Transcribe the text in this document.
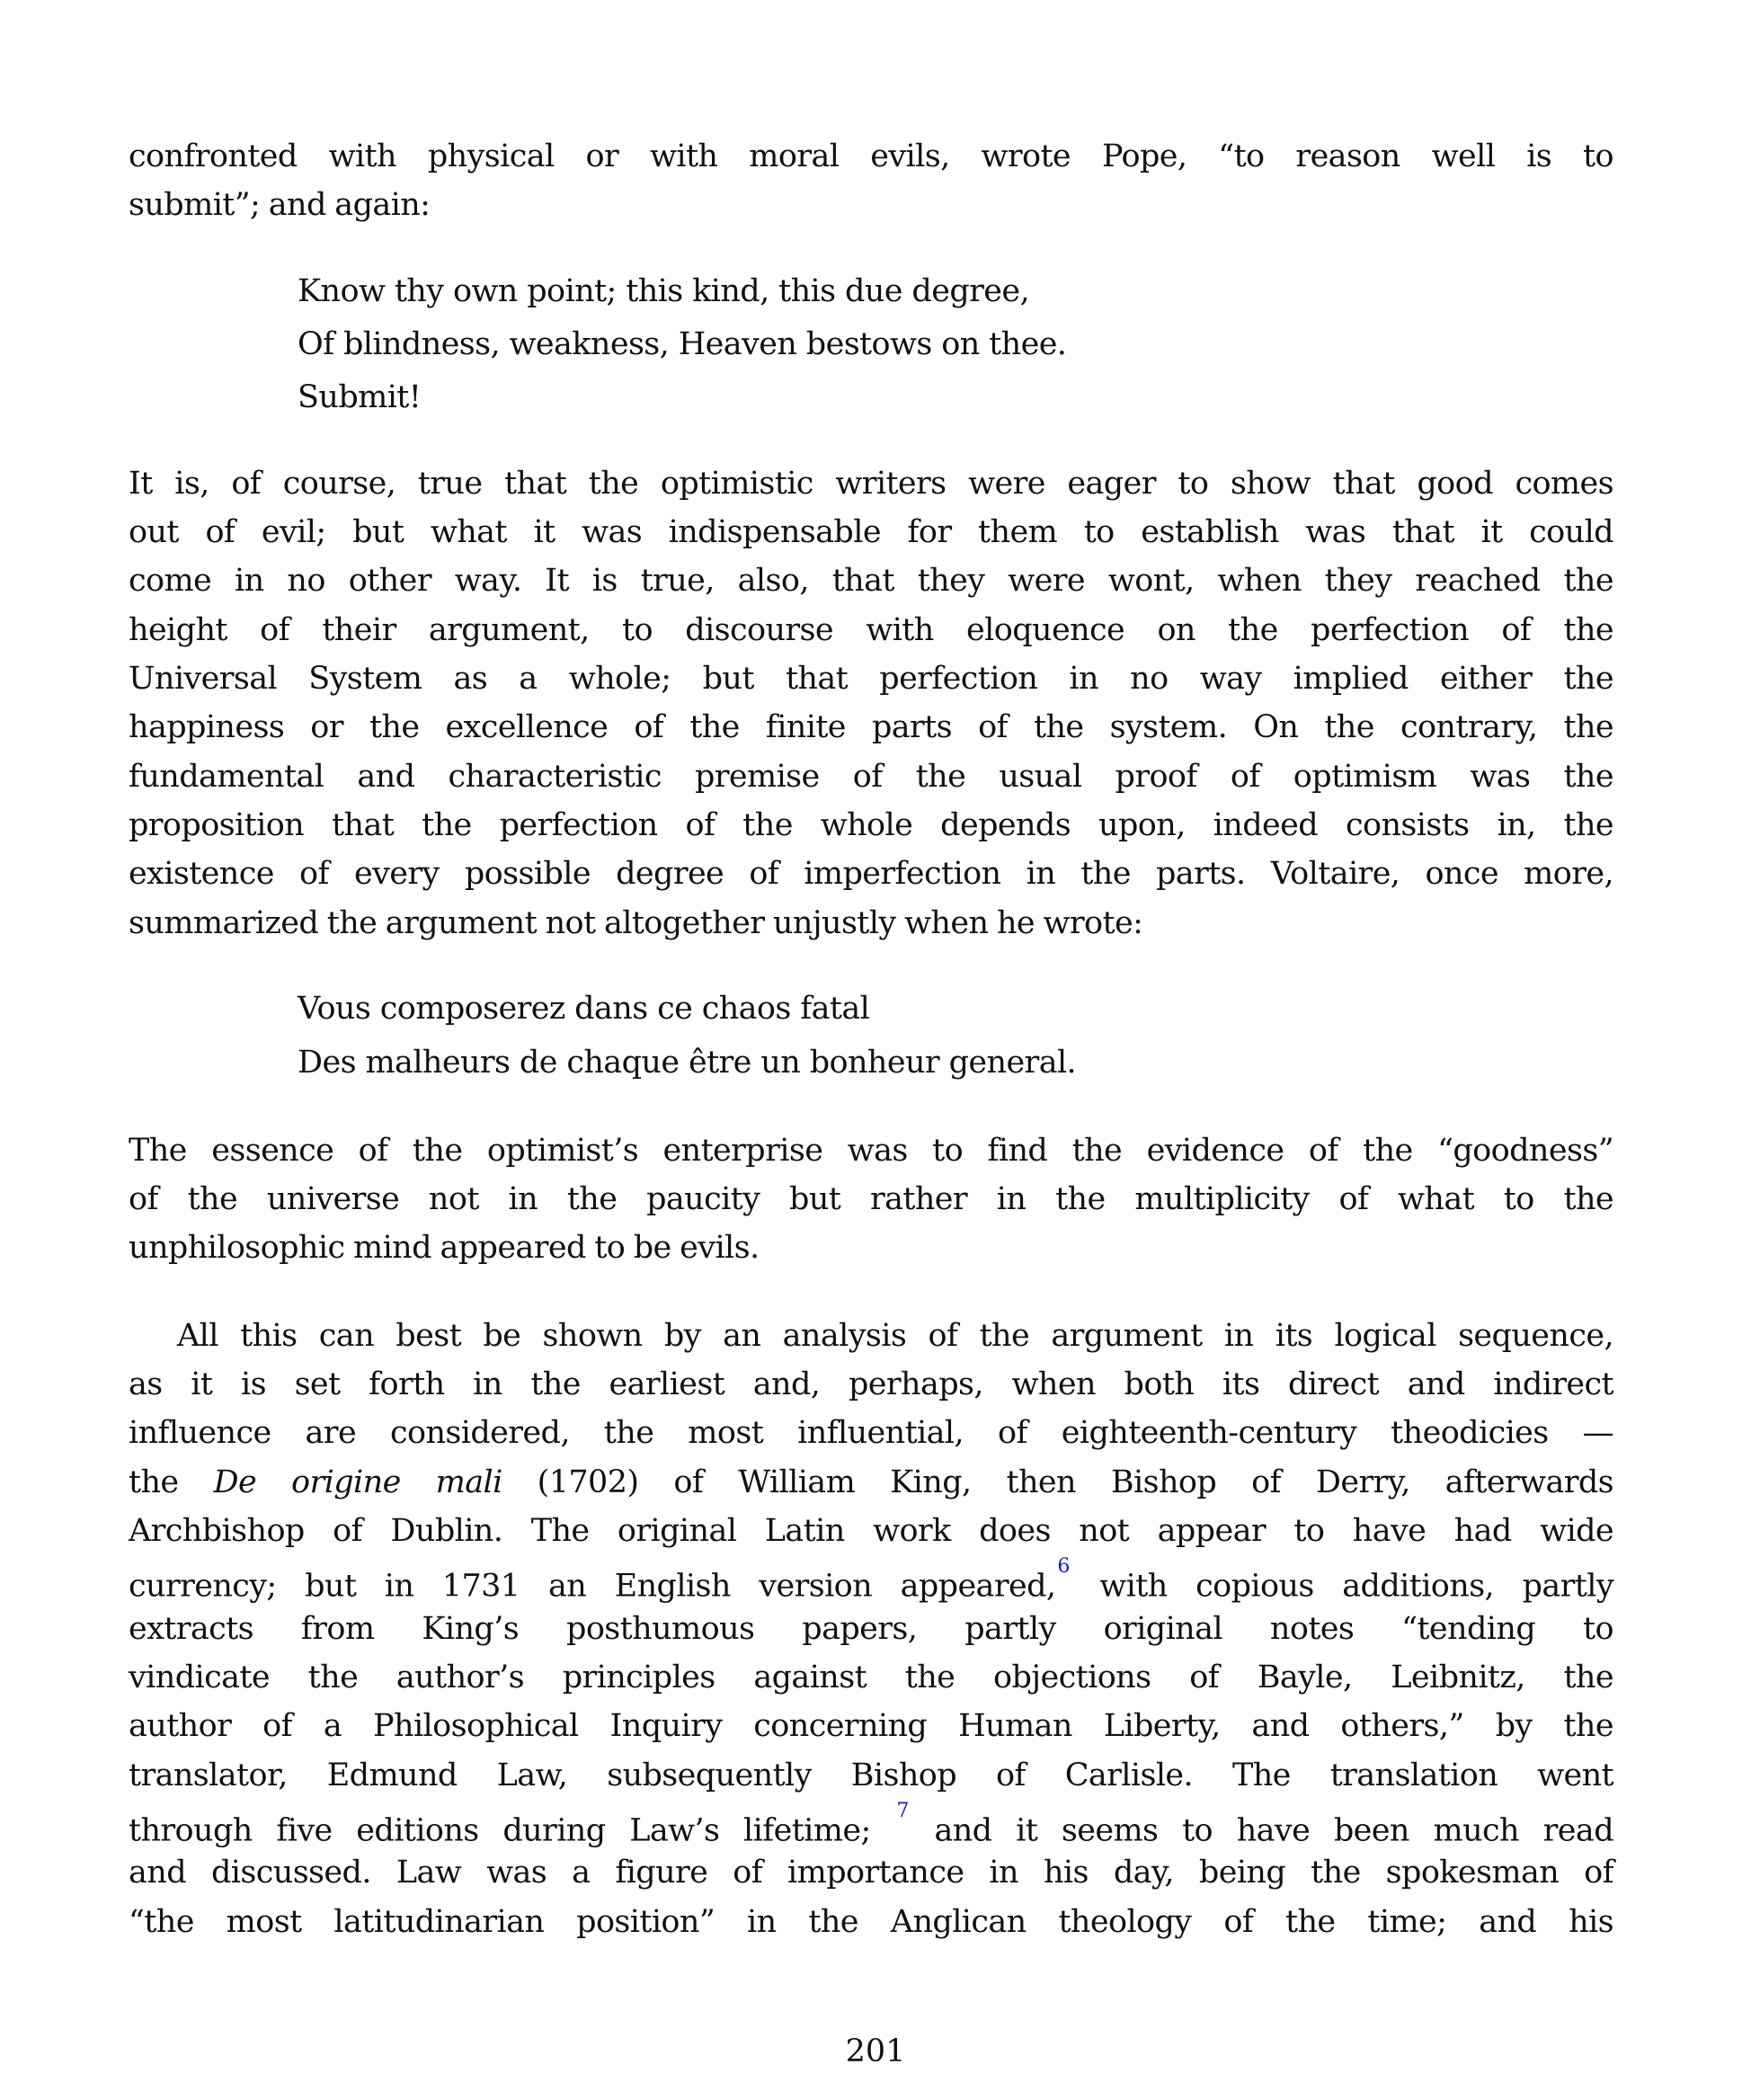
confronted with physical or with moral evils, wrote Pope, “to reason well is to
submit”; and again:
Know thy own point; this kind, this due degree,
Of blindness, weakness, Heaven bestows on thee.
Submit!
It is, of course, true that the optimistic writers were eager to show that good comes
out of evil; but what it was indispensable for them to establish was that it could
come in no other way. It is true, also, that they were wont, when they reached the
height of their argument, to discourse with eloquence on the perfection of the
Universal System as a whole; but that perfection in no way implied either the
happiness or the excellence of the finite parts of the system. On the contrary, the
fundamental and characteristic premise of the usual proof of optimism was the
proposition that the perfection of the whole depends upon, indeed consists in, the
existence of every possible degree of imperfection in the parts. Voltaire, once more,
summarized the argument not altogether unjustly when he wrote:
Vous composerez dans ce chaos fatal
Des malheurs de chaque être un bonheur general.
The essence of the optimist’s enterprise was to find the evidence of the “goodness”
of the universe not in the paucity but rather in the multiplicity of what to the
unphilosophic mind appeared to be evils.
All this can best be shown by an analysis of the argument in its logical sequence,
as it is set forth in the earliest and, perhaps, when both its direct and indirect
influence are considered, the most influential, of eighteenth-century theodicies —
the De origine mali (1702) of William King, then Bishop of Derry, afterwards
Archbishop of Dublin. The original Latin work does not appear to have had wide
currency; but in 1731 an English version appeared,$^6$ with copious additions, partly
extracts from King’s posthumous papers, partly original notes “tending to
vindicate the author’s principles against the objections of Bayle, Leibnitz, the
author of a Philosophical Inquiry concerning Human Liberty, and others,” by the
translator, Edmund Law, subsequently Bishop of Carlisle. The translation went
through five editions during Law’s lifetime; $^7$ and it seems to have been much read
and discussed. Law was a figure of importance in his day, being the spokesman of
“the most latitudinarian position” in the Anglican theology of the time; and his
201
